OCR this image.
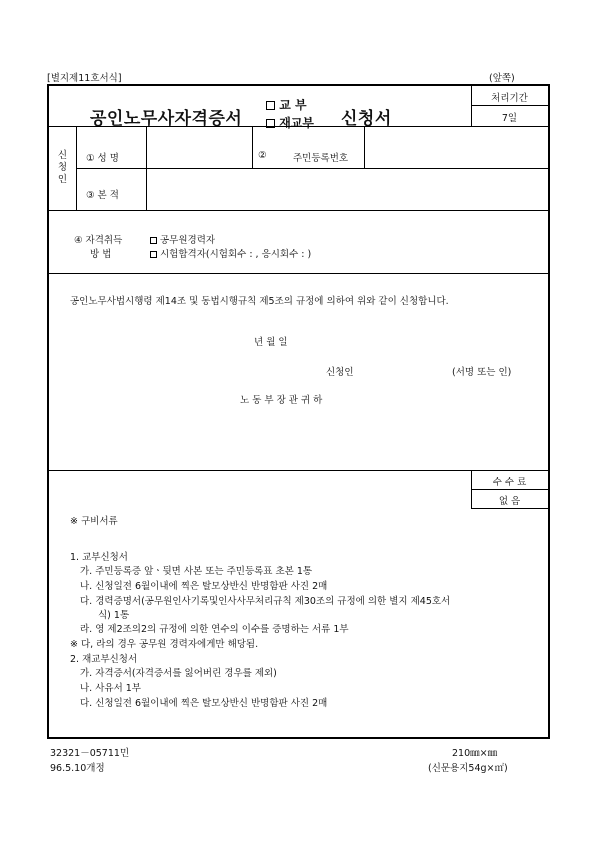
[별지제11호서식]	(앞쪽)
공인노무사자격증서
교 부
재교부 신청서
처리기간
7일
신
청
인
① 성 명	②	주민등록번호
③ 본 적
④ 자격취득
방 법
공무원경력자
시험합격자(시험회수 : , 응시회수 : )
공인노무사법시행령 제14조 및 동법시행규칙 제5조의 규정에 의하여 위와 같이 신청합니다.
년 월 일
신청인	(서명 또는 인)
노 동 부 장 관 귀 하
수 수 료
없 음
※ 구비서류
1. 교부신청서
가. 주민등록증 앞ㆍ뒷면 사본 또는 주민등록표 초본 1통
나. 신청일전 6월이내에 찍은 탈모상반신 반명함판 사진 2매
다. 경력증명서(공무원인사기록및인사사무처리규칙 제30조의 규정에 의한 별지 제45호서
식) 1통
라. 영 제2조의2의 규정에 의한 연수의 이수를 증명하는 서류 1부
※ 다, 라의 경우 공무원 경력자에게만 해당됨.
2. 재교부신청서
가. 자격증서(자격증서를 잃어버린 경우를 제외)
나. 사유서 1부
다. 신청일전 6월이내에 찍은 탈모상반신 반명함판 사진 2매
32321－05711민
96.5.10개정
210㎜×㎜
(신문용지54g×㎡)
